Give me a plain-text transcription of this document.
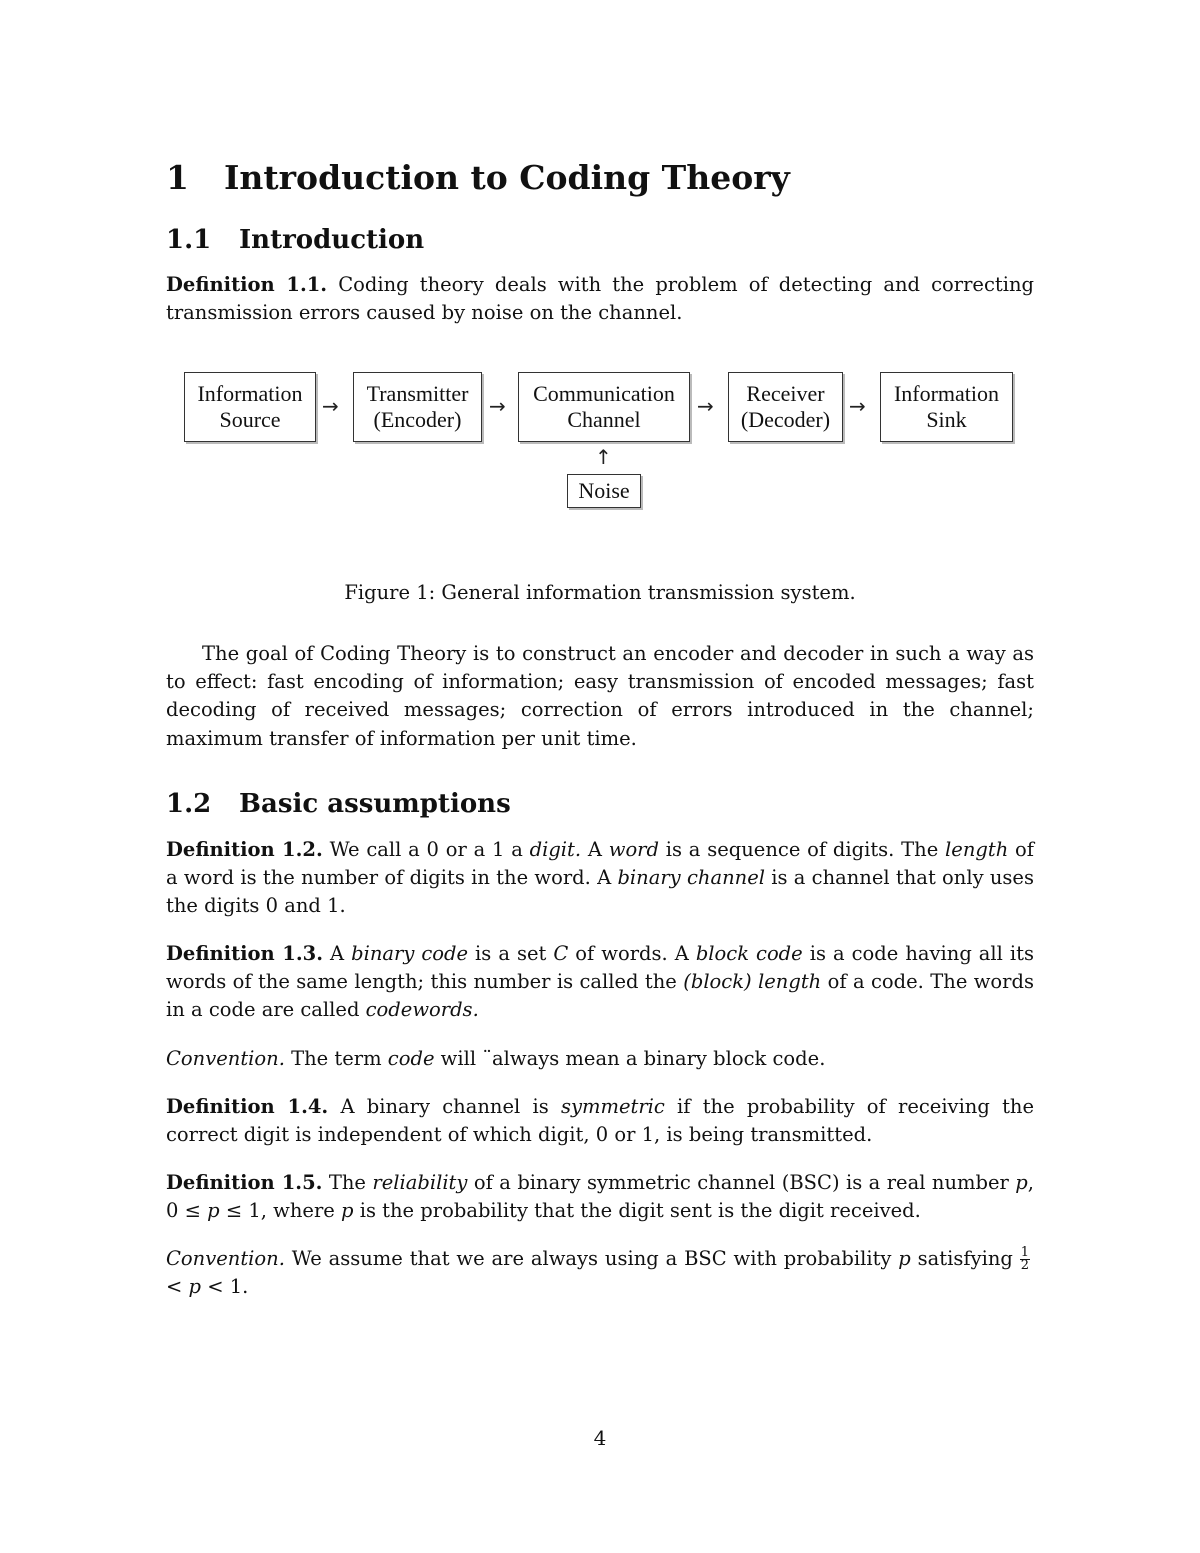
1 Introduction to Coding Theory
1.1 Introduction
Definition 1.1. Coding theory deals with the problem of detecting and correcting transmission errors caused by noise on the channel.
Information
Source
→	Transmitter
(Encoder)
→	Communication
Channel
→	Receiver
(Decoder)
→	Information
Sink
↑
Noise
Figure 1: General information transmission system.
The goal of Coding Theory is to construct an encoder and decoder in such a way as to effect: fast encoding of information; easy transmission of encoded messages; fast decoding of received messages; correction of errors introduced in the channel; maximum transfer of information per unit time.
1.2 Basic assumptions
Definition 1.2. We call a 0 or a 1 a digit. A word is a sequence of digits. The length of a word is the number of digits in the word. A binary channel is a channel that only uses the digits 0 and 1.
Definition 1.3. A binary code is a set C of words. A block code is a code having all its words of the same length; this number is called the (block) length of a code. The words in a code are called codewords.
Convention. The term code will ¨always mean a binary block code.
Definition 1.4. A binary channel is symmetric if the probability of receiving the correct digit is independent of which digit, 0 or 1, is being transmitted.
Definition 1.5. The reliability of a binary symmetric channel (BSC) is a real number p, 0 ≤ p ≤ 1, where p is the probability that the digit sent is the digit received.
Convention. We assume that we are always using a BSC with probability p satisfying $\frac{1}{2}$
< p < 1.
4
